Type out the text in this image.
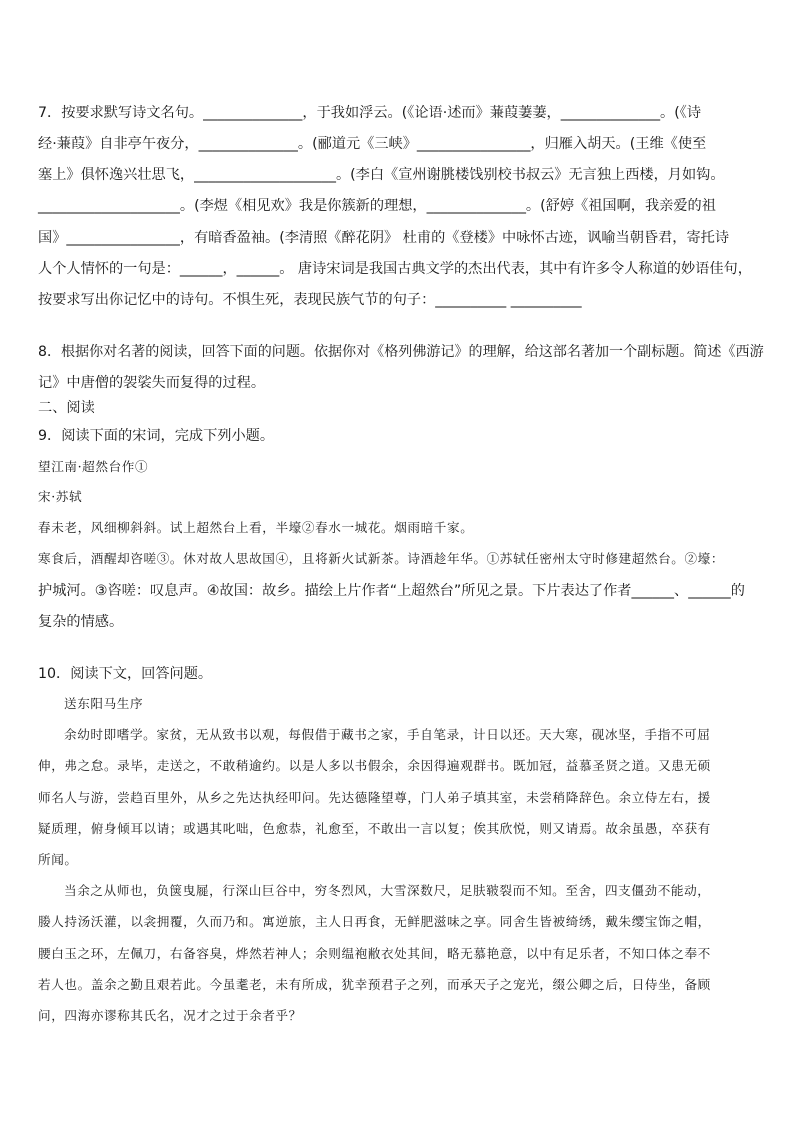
7．按要求默写诗文名句。______________，于我如浮云。(《论语·述而》蒹葭萋萋，______________。(《诗
经·蒹葭》自非亭午夜分，______________。(郦道元《三峡》________________，归雁入胡天。(王维《使至
塞上》俱怀逸兴壮思飞，____________________。(李白《宣州谢朓楼饯别校书叔云》无言独上西楼，月如钩。
____________________。(李煜《相见欢》我是你簇新的理想，______________。(舒婷《祖国啊，我亲爱的祖
国》________________，有暗香盈袖。(李清照《醉花阴》 杜甫的《登楼》中咏怀古迹，讽喻当朝昏君，寄托诗
人个人情怀的一句是：______，______。 唐诗宋词是我国古典文学的杰出代表，其中有许多令人称道的妙语佳句，
按要求写出你记忆中的诗句。不惧生死，表现民族气节的句子：__________ __________
8．根据你对名著的阅读，回答下面的问题。依据你对《格列佛游记》的理解，给这部名著加一个副标题。简述《西游
记》中唐僧的袈裟失而复得的过程。
二、阅读
9．阅读下面的宋词，完成下列小题。
望江南·超然台作①
宋·苏轼
春未老，风细柳斜斜。试上超然台上看，半壕②春水一城花。烟雨暗千家。
寒食后，酒醒却咨嗟③。休对故人思故国④，且将新火试新茶。诗酒趁年华。①苏轼任密州太守时修建超然台。②壕：
护城河。③咨嗟：叹息声。④故国：故乡。描绘上片作者“上超然台”所见之景。下片表达了作者______、______的
复杂的情感。
10．阅读下文，回答问题。
送东阳马生序
余幼时即嗜学。家贫，无从致书以观，每假借于藏书之家，手自笔录，计日以还。天大寒，砚冰坚，手指不可屈
伸，弗之怠。录毕，走送之，不敢稍逾约。以是人多以书假余，余因得遍观群书。既加冠，益慕圣贤之道。又患无硕
师名人与游，尝趋百里外，从乡之先达执经叩问。先达德隆望尊，门人弟子填其室，未尝稍降辞色。余立侍左右，援
疑质理，俯身倾耳以请；或遇其叱咄，色愈恭，礼愈至，不敢出一言以复；俟其欣悦，则又请焉。故余虽愚，卒获有
所闻。
当余之从师也，负箧曳屣，行深山巨谷中，穷冬烈风，大雪深数尺，足肤皲裂而不知。至舍，四支僵劲不能动，
媵人持汤沃灌，以衾拥覆，久而乃和。寓逆旅，主人日再食，无鲜肥滋味之享。同舍生皆被绮绣，戴朱缨宝饰之帽，
腰白玉之环，左佩刀，右备容臭，烨然若神人；余则缊袍敝衣处其间，略无慕艳意，以中有足乐者，不知口体之奉不
若人也。盖余之勤且艰若此。今虽耄老，未有所成，犹幸预君子之列，而承天子之宠光，缀公卿之后，日侍坐，备顾
问，四海亦谬称其氏名，况才之过于余者乎？
